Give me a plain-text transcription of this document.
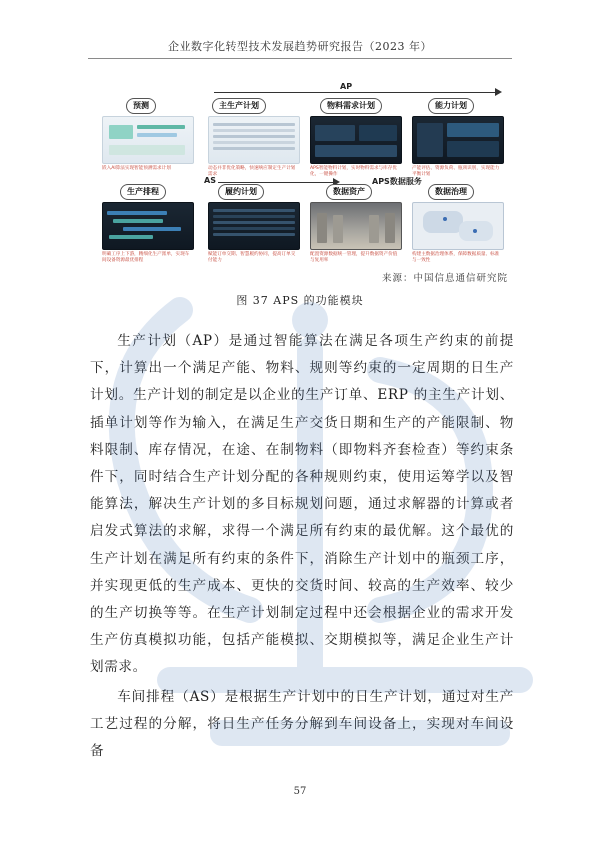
企业数字化转型技术发展趋势研究报告（2023 年）
AP
预测
嵌入AI算法实现智能预测需求计划
主生产计划
动态并非优化策略，快速响应制定生产计划需求
物料需求计划
APS智能物料计划，实时物料需求与库存优化，一键操作
能力计划
产能评估、资源负荷、瓶颈识别，实现能力平衡计划
AS	APS数据服务
生产排程
明确工序上下游，精细化生产派单，实现车间设备资源最优排程
履约计划
赋能订单交期、智慧履约协同，提高订单交付能力
数据资产
配置资源数据统一管理，提升数据资产价值与复用率
数据治理
构建主数据治理体系，保障数据质量、标准与一致性
来源：中国信息通信研究院
图 37 APS 的功能模块

生产计划（AP）是通过智能算法在满足各项生产约束的前提下，计算出一个满足产能、物料、规则等约束的一定周期的日生产计划。生产计划的制定是以企业的生产订单、ERP 的主生产计划、插单计划等作为输入，在满足生产交货日期和生产的产能限制、物料限制、库存情况，在途、在制物料（即物料齐套检查）等约束条件下，同时结合生产计划分配的各种规则约束，使用运筹学以及智能算法，解决生产计划的多目标规划问题，通过求解器的计算或者启发式算法的求解，求得一个满足所有约束的最优解。这个最优的生产计划在满足所有约束的条件下，消除生产计划中的瓶颈工序，并实现更低的生产成本、更快的交货时间、较高的生产效率、较少的生产切换等等。在生产计划制定过程中还会根据企业的需求开发生产仿真模拟功能，包括产能模拟、交期模拟等，满足企业生产计划需求。

车间排程（AS）是根据生产计划中的日生产计划，通过对生产工艺过程的分解，将日生产任务分解到车间设备上，实现对车间设备

57
